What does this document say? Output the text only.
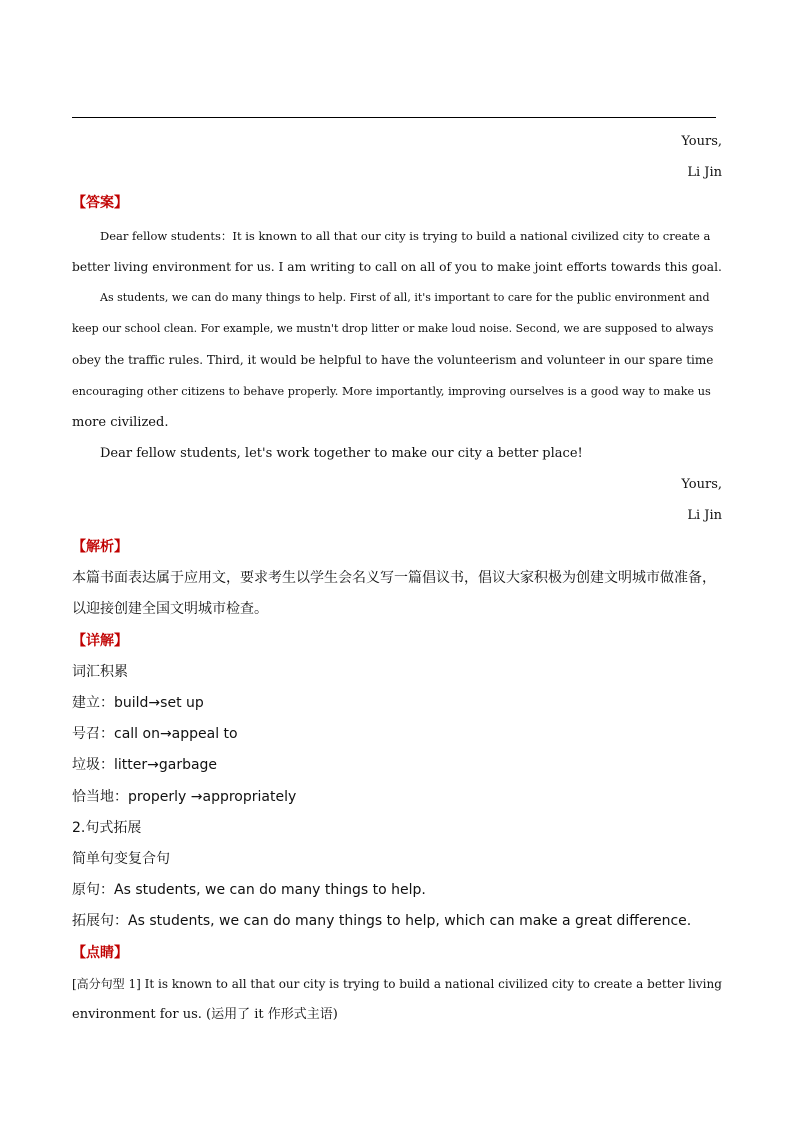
Yours,
Li Jin
【答案】
Dear fellow students：It is known to all that our city is trying to build a national civilized city to create a
better living environment for us. I am writing to call on all of you to make joint efforts towards this goal.
As students, we can do many things to help. First of all, it's important to care for the public environment and
keep our school clean. For example, we mustn't drop litter or make loud noise. Second, we are supposed to always
obey the traffic rules. Third, it would be helpful to have the volunteerism and volunteer in our spare time
encouraging other citizens to behave properly. More importantly, improving ourselves is a good way to make us
more civilized.
Dear fellow students, let's work together to make our city a better place!
Yours,
Li Jin
【解析】
本篇书面表达属于应用文，要求考生以学生会名义写一篇倡议书，倡议大家积极为创建文明城市做准备，
以迎接创建全国文明城市检查。
【详解】
词汇积累
建立：build→set up
号召：call on→appeal to
垃圾：litter→garbage
恰当地：properly →appropriately
2.句式拓展
简单句变复合句
原句：As students, we can do many things to help.
拓展句：As students, we can do many things to help, which can make a great difference.
【点睛】
[高分句型 1] It is known to all that our city is trying to build a national civilized city to create a better living
environment for us. (运用了 it 作形式主语)
